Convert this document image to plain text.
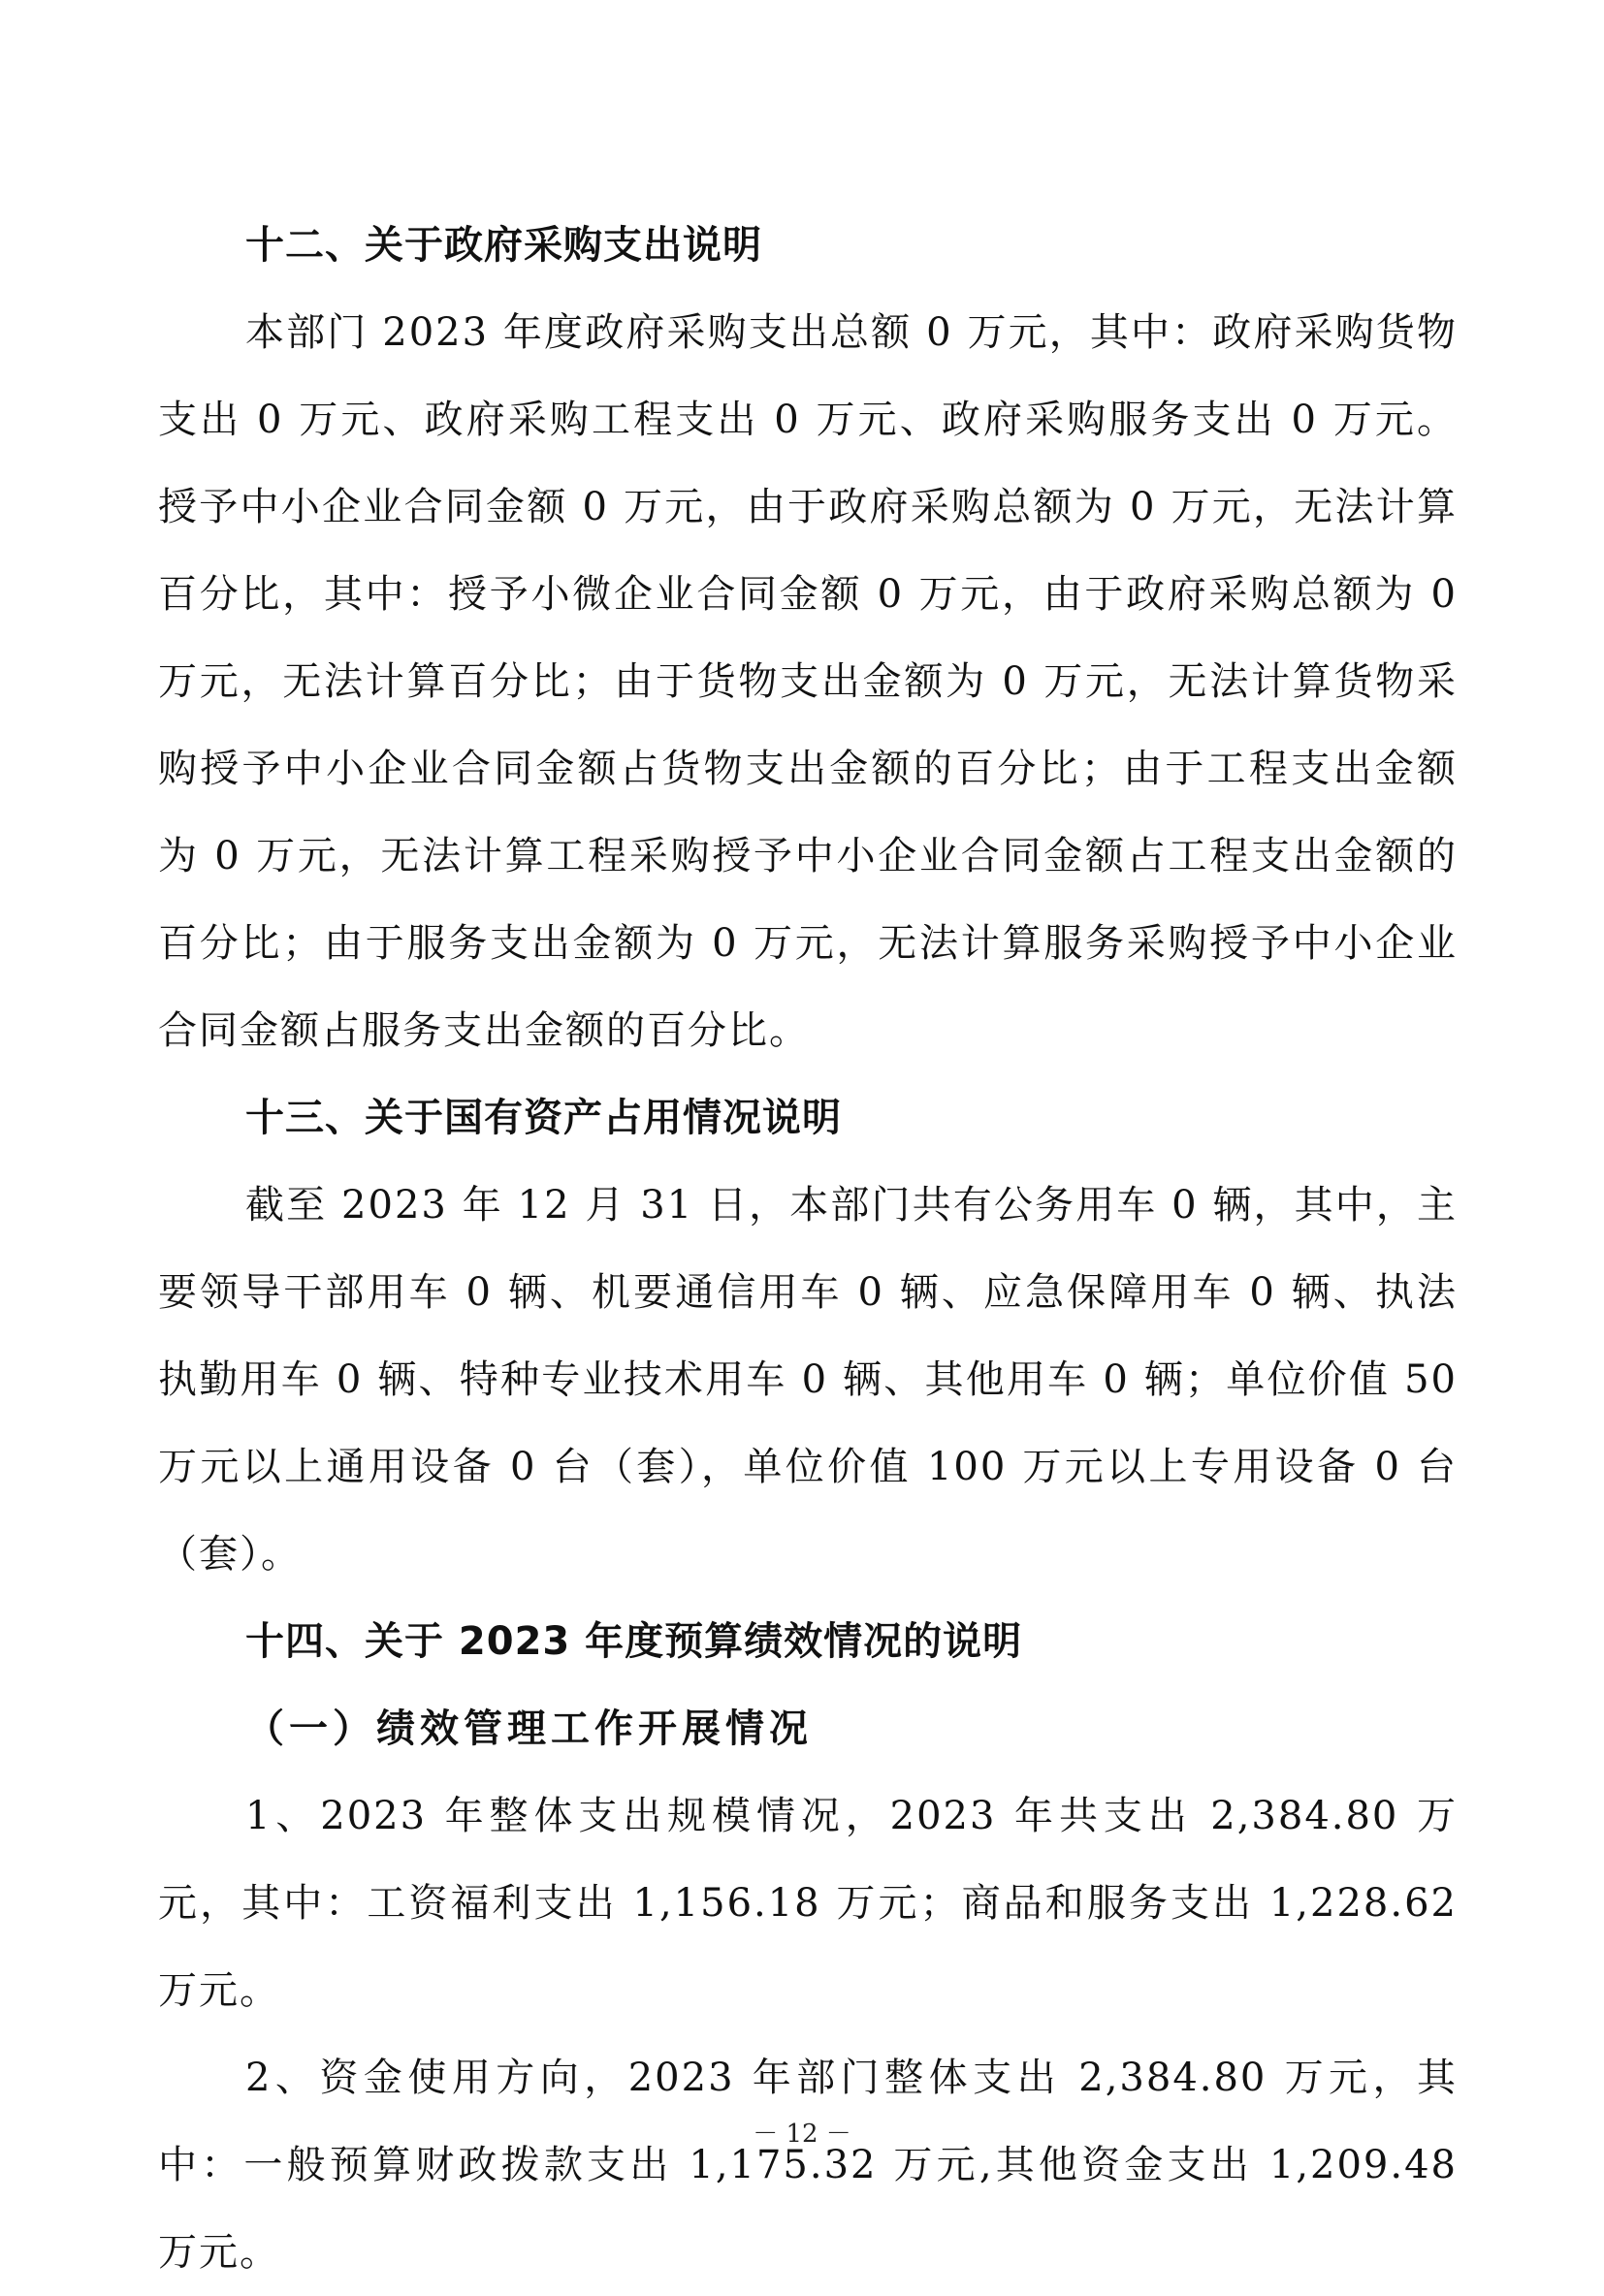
十二、关于政府采购支出说明

本部门 2023 年度政府采购支出总额 0 万元，其中：政府采购货物支出 0 万元、政府采购工程支出 0 万元、政府采购服务支出 0 万元。授予中小企业合同金额 0 万元，由于政府采购总额为 0 万元，无法计算百分比，其中：授予小微企业合同金额 0 万元，由于政府采购总额为 0 万元，无法计算百分比；由于货物支出金额为 0 万元，无法计算货物采购授予中小企业合同金额占货物支出金额的百分比；由于工程支出金额为 0 万元，无法计算工程采购授予中小企业合同金额占工程支出金额的百分比；由于服务支出金额为 0 万元，无法计算服务采购授予中小企业合同金额占服务支出金额的百分比。

十三、关于国有资产占用情况说明

截至 2023 年 12 月 31 日，本部门共有公务用车 0 辆，其中，主要领导干部用车 0 辆、机要通信用车 0 辆、应急保障用车 0 辆、执法执勤用车 0 辆、特种专业技术用车 0 辆、其他用车 0 辆；单位价值 50 万元以上通用设备 0 台（套），单位价值 100 万元以上专用设备 0 台（套）。

十四、关于 2023 年度预算绩效情况的说明
（一）绩效管理工作开展情况

1、2023 年整体支出规模情况，2023 年共支出 2,384.80 万元，其中：工资福利支出 1,156.18 万元；商品和服务支出 1,228.62 万元。

2、资金使用方向，2023 年部门整体支出 2,384.80 万元，其中：一般预算财政拨款支出 1,175.32 万元,其他资金支出 1,209.48 万元。

－ 12 －
